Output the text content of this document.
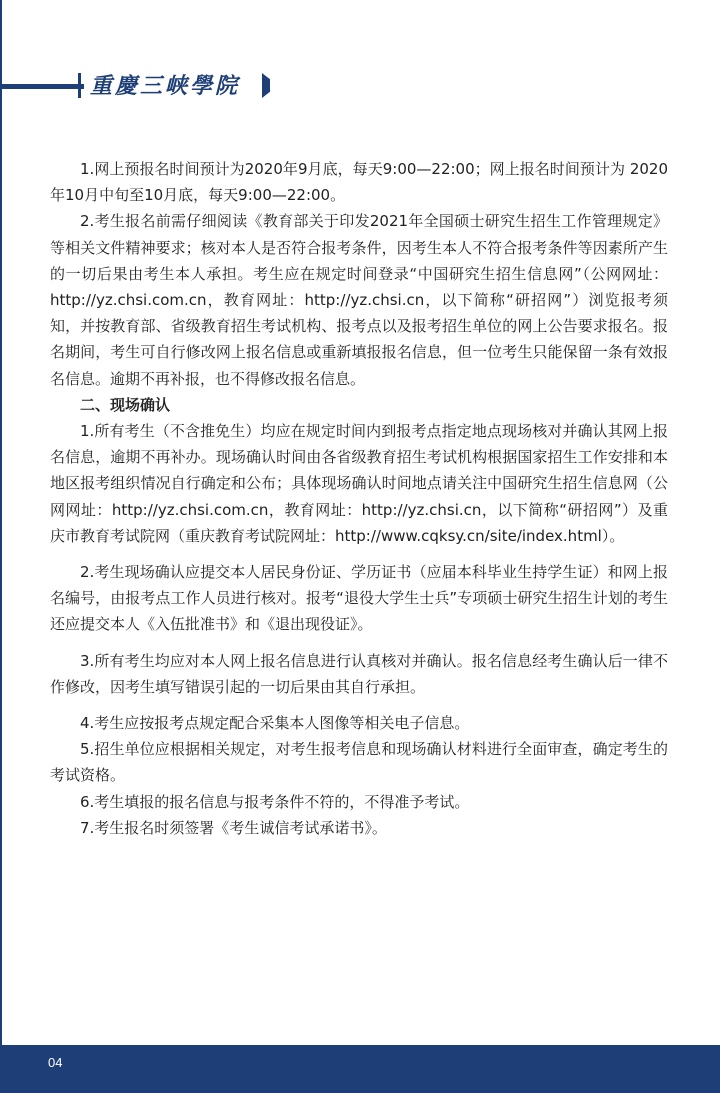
重慶三峡學院

1.网上预报名时间预计为2020年9月底，每天9:00—22:00；网上报名时间预计为 2020年10月中旬至10月底，每天9:00—22:00。

2.考生报名前需仔细阅读《教育部关于印发2021年全国硕士研究生招生工作管理规定》等相关文件精神要求；核对本人是否符合报考条件，因考生本人不符合报考条件等因素所产生的一切后果由考生本人承担。考生应在规定时间登录“中国研究生招生信息网”（公网网址：http://yz.chsi.com.cn，教育网址：http://yz.chsi.cn，以下简称“研招网”）浏览报考须知，并按教育部、省级教育招生考试机构、报考点以及报考招生单位的网上公告要求报名。报名期间，考生可自行修改网上报名信息或重新填报报名信息，但一位考生只能保留一条有效报名信息。逾期不再补报，也不得修改报名信息。

二、现场确认

1.所有考生（不含推免生）均应在规定时间内到报考点指定地点现场核对并确认其网上报名信息，逾期不再补办。现场确认时间由各省级教育招生考试机构根据国家招生工作安排和本地区报考组织情况自行确定和公布；具体现场确认时间地点请关注中国研究生招生信息网（公网网址：http://yz.chsi.com.cn，教育网址：http://yz.chsi.cn，以下简称“研招网”）及重庆市教育考试院网（重庆教育考试院网址：http://www.cqksy.cn/site/index.html）。

2.考生现场确认应提交本人居民身份证、学历证书（应届本科毕业生持学生证）和网上报名编号，由报考点工作人员进行核对。报考“退役大学生士兵”专项硕士研究生招生计划的考生还应提交本人《入伍批准书》和《退出现役证》。

3.所有考生均应对本人网上报名信息进行认真核对并确认。报名信息经考生确认后一律不作修改，因考生填写错误引起的一切后果由其自行承担。

4.考生应按报考点规定配合采集本人图像等相关电子信息。

5.招生单位应根据相关规定，对考生报考信息和现场确认材料进行全面审查，确定考生的考试资格。

6.考生填报的报名信息与报考条件不符的，不得准予考试。

7.考生报名时须签署《考生诚信考试承诺书》。

04
